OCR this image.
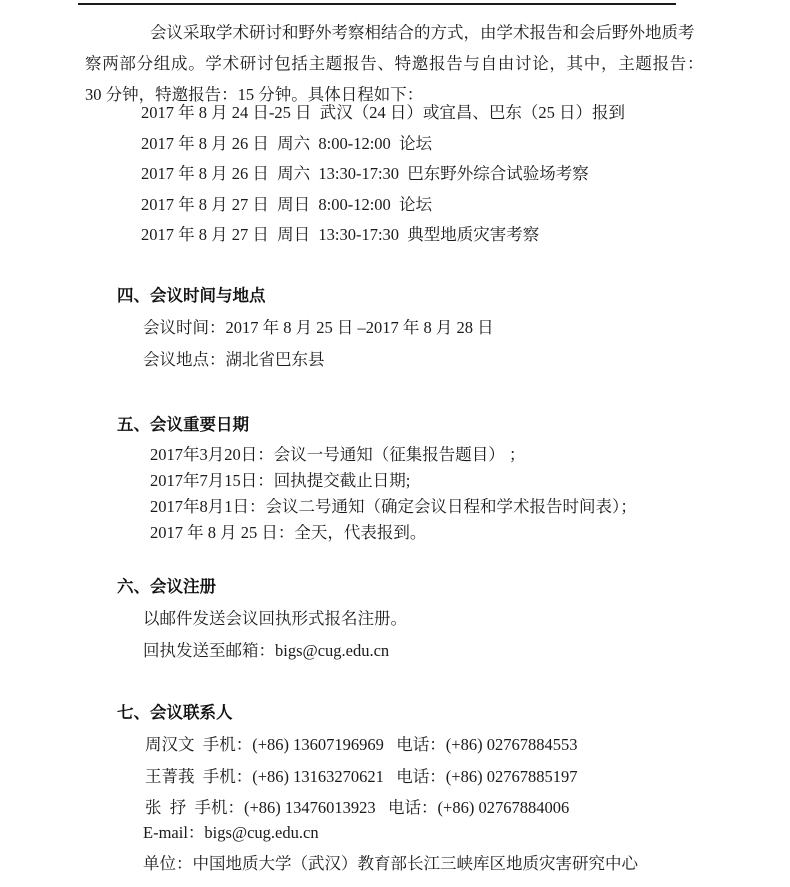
会议采取学术研讨和野外考察相结合的方式，由学术报告和会后野外地质考
察两部分组成。学术研讨包括主题报告、特邀报告与自由讨论，其中，主题报告：
30 分钟，特邀报告：15 分钟。具体日程如下：
2017 年 8 月 24 日-25 日  武汉（24 日）或宜昌、巴东（25 日）报到
2017 年 8 月 26 日  周六  8:00-12:00  论坛
2017 年 8 月 26 日  周六  13:30-17:30  巴东野外综合试验场考察
2017 年 8 月 27 日  周日  8:00-12:00  论坛
2017 年 8 月 27 日  周日  13:30-17:30  典型地质灾害考察
四、会议时间与地点
会议时间：2017 年 8 月 25 日 –2017 年 8 月 28 日
会议地点：湖北省巴东县
五、会议重要日期
2017年3月20日：会议一号通知（征集报告题目） ；
2017年7月15日：回执提交截止日期;
2017年8月1日：会议二号通知（确定会议日程和学术报告时间表）；
2017 年 8 月 25 日：全天，代表报到。
六、会议注册
以邮件发送会议回执形式报名注册。
回执发送至邮箱：bigs@cug.edu.cn
七、会议联系人
周汉文  手机：(+86) 13607196969   电话：(+86) 02767884553
王菁莪  手机：(+86) 13163270621   电话：(+86) 02767885197
张  抒  手机：(+86) 13476013923   电话：(+86) 02767884006
E-mail：bigs@cug.edu.cn
单位：中国地质大学（武汉）教育部长江三峡库区地质灾害研究中心
